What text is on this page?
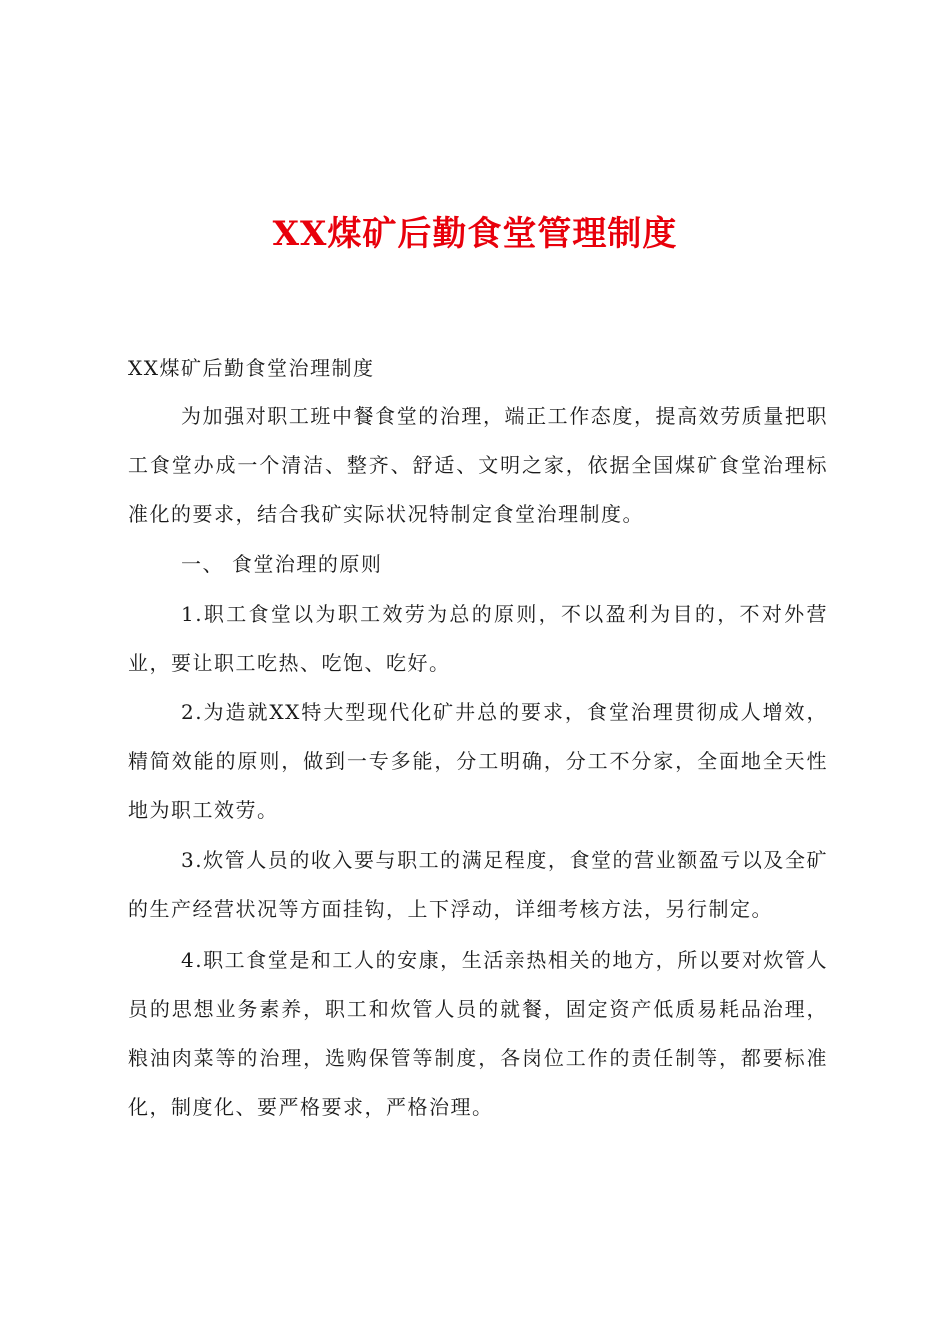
XX煤矿后勤食堂管理制度
XX煤矿后勤食堂治理制度

为加强对职工班中餐食堂的治理，端正工作态度，提高效劳质量把职工食堂办成一个清洁、整齐、舒适、文明之家，依据全国煤矿食堂治理标准化的要求，结合我矿实际状况特制定食堂治理制度。

一、 食堂治理的原则

1.职工食堂以为职工效劳为总的原则，不以盈利为目的，不对外营业，要让职工吃热、吃饱、吃好。

2.为造就XX特大型现代化矿井总的要求，食堂治理贯彻成人增效，精简效能的原则，做到一专多能，分工明确，分工不分家，全面地全天性地为职工效劳。

3.炊管人员的收入要与职工的满足程度，食堂的营业额盈亏以及全矿的生产经营状况等方面挂钩，上下浮动，详细考核方法，另行制定。

4.职工食堂是和工人的安康，生活亲热相关的地方，所以要对炊管人员的思想业务素养，职工和炊管人员的就餐，固定资产低质易耗品治理，粮油肉菜等的治理，选购保管等制度，各岗位工作的责任制等，都要标准化，制度化、要严格要求，严格治理。
